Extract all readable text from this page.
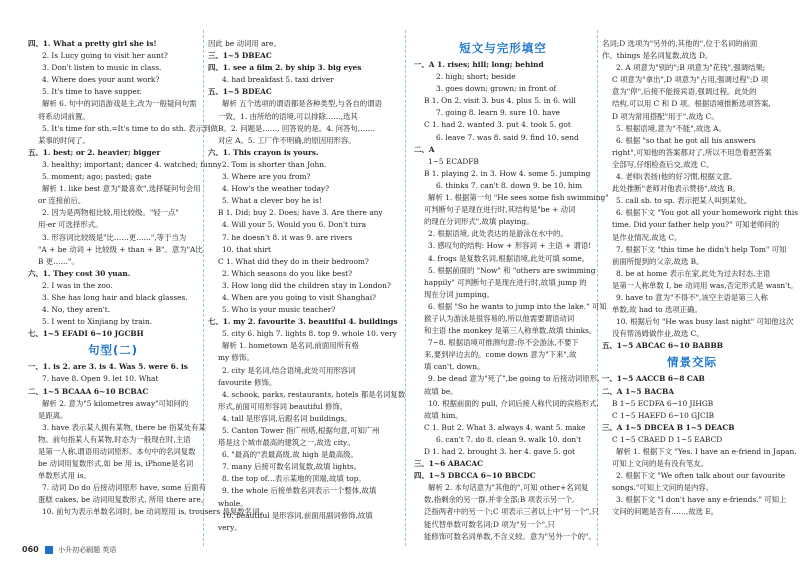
四、1. What a pretty girl she is!
2. Is Lucy going to visit her aunt?
3. Don't listen to music in class.
4. Where does your aunt work?
5. It's time to have supper.
解析 6. 句中的词语游戏是主,改为一般疑问句需
将系动词前置。
5. It's time for sth.=It's time to do sth. 表示到做
某事的时间了。
五、1. best; or 2. heavier; bigger
3. healthy; important; dancer 4. watched; funny
5. moment; ago; pasted; gate
解析 1. like best 意为"最喜欢",选择疑问句会用
or 连接前后。
2. 因为是两物相比较,用比较级。"轻一点"
用-er 可选择形式。
3. 形容词比较级是"比……更……",等于当为
"A + be 动词 + 比较级 + than + B"。意为"A比
B 更……"。
六、1. They cost 30 yuan.
2. I was in the zoo.
3. She has long hair and black glasses.
4. No, they aren't.
5. I went to Xinjiang by train.
七、1~5 EFADI 6~10 JGCBH
句型(二)
一、1. is 2. are 3. is 4. Was 5. were 6. is
7. have 8. Open 9. let 10. What
二、1~5 BCAAA 6~10 BCBAC
解析 2. 意为"5 kilometres away"可知问的
是距离。
3. have 表示某人拥有某物, there be 指某处有某
物。前句指某人有某物,时态为一般现在时,主语
是第一人称,谓语用动词原形。本句中的名词复数
be 动词用复数形式,如 be 用 is, iPhone是名词
单数形式用 is。
7. 动词 Do do 后接动词原形 have, some 后面有
蛋糕 cakes, be 动词用复数形式, 所用 there are。
10. 前句为表示单数名词时, be 动词原用 is, trousers 是复数名词,
因此 be 动词用 are。
三、1~5 DBEAC
四、1. see a film 2. by ship 3. big eyes
4. had breakfast 5. taxi driver
五、1~5 BDEAC
解析 五个选项的谓语都是各种类型,与各自的谓语
一致。1. 由所给的语境,可以排除……,选其
B。2. 问题是……, 回答说的是。4. 问答句,……
对应 A。5. 工厂作不明确,的原因用形容。
六、1. This crayon is yours.
2. Tom is shorter than John.
3. Where are you from?
4. How's the weather today?
5. What a clever boy he is!
B 1. Did; buy 2. Does; have 3. Are there any
4. Will your 5. Would you 6. Don't tura
7. he doesn't 8. it was 9. are rivers
10. that shirt
C 1. What did they do in their bedroom?
2. Which seasons do you like best?
3. How long did the children stay in London?
4. When are you going to visit Shanghai?
5. Who is your music teacher?
七、1. my 2. favourite 3. beautiful 4. buildings
5. city 6. high 7. lights 8. top 9. whole 10. very
解析 1. hometown 是名词,前面用所有格
my 修饰。
2. city 是名词,结合语境,此处可用形容词
favourite 修饰。
4. schook, parks, restaurants, hotels 都是名词复数
形式,前面可用形容词 beautiful 修饰。
4. tall 是形容词,后跟名词 buildings。
5. Canton Tower 指广州塔,根据句意,可知广州
塔是这个城市最高的建筑之一,故选 city。
6. "最高的"表最高级,故 high 是最高级。
7. many 后接可数名词复数,故填 lights。
8. the top of…表示某地的顶端,故填 top。
9. the whole 后接单数名词表示一个整体,故填
whole。
10. beautiful 是形容词,前面用副词修饰,故填
very。
短文与完形填空
一、A 1. rises; hill; long; behind
2. high; short; beside
3. goes down; grown; in front of
B 1. On 2. visit 3. bus 4. plus 5. in 6. will
7. going 8. learn 9. sure 10. have
C 1. had 2. wanted 3. put 4. took 5. got
6. leave 7. was 8. said 9. find 10. send
二、A
1~5 ECADFB
B 1. playing 2. in 3. How 4. some 5. jumping
6. thinks 7. can't 8. down 9. be 10. him
解析 1. 根据第一句 "He sees some fish swimming"
可判断句子是现在进行时,其结构是"be + 动词
的现在分词形式",故填 playing。
2. 根据语境, 此处表达的是游泳在水中的。
3. 感叹句的结构: How + 形容词 + 主语 + 谓语!
4. frogs 是复数名词,根据语境,此处可填 some。
5. 根据前面的 "Now" 和 "others are swimming
happily" 可判断句子是现在进行时,故填 jump 的
现在分词 jumping。
6. 根据 "So he wants to jump into the lake." 可知
猴子认为游泳是很容易的,所以他需要谓语动词
和主语 the monkey 是第三人称单数,故填 thinks。
7~8. 根据语境可推测句意:你不会游泳,不要下
来,要到岸边去的。come down 意为"下来",故
填 can't, down。
9. be dead 意为"死了",be going to 后接动词原形,
故填 be。
10. 根据前面的 pull, 介词后接人称代词的宾格形式,
故填 him。
C 1. But 2. What 3. always 4. want 5. make
6. can't 7. do 8. clean 9. walk 10. don't
D 1. had 2. brought 3. her 4. gave 5. got
三、1~6 ABACAC
四、1~5 DBCCA 6~10 BBCDC
解析 2. 本句话意为"其他的",可知 other+名词复
数,指剩余的另一群,并非全部;B 项表示另一个,
泛指两者中的另一个;C 项表示三者以上中"另一个",只
能代替单数可数名词;D 项为"另一个",只
能修饰可数名词单数,不含义较。意为"另外一个的"。
名词;D 选项为"另外的,其他的",位于名词的前面
作。things 是名词复数,故选 D。
2. A 项意为"别的";B 项意为"花钱",强调结果;
C 项意为"拿出",D 项意为"占用,强调过程";D 项
意为"停",后接不能接宾语,强调过程。此处的
结构,可以用 C 和 D 项。根据语境推断选项答案,
D 项为常用搭配"用于",故选 C。
5. 根据语境,意为"不能",故选 A。
6. 根据 "so that he got all his answers
right",可知他的答案都对了,所以不用急着把答案
全部写,仔细检查后交,故选 C。
4. 老师(表扬)他的好习惯,根据文意,
此处推断"老师对他表示赞扬",故选 B。
5. call sb. to sp. 表示把某人叫到某处。
6. 根据下文 "You got all your homework right this
time. Did your father help you?" 可知老师问的
是作业情况,故选 C。
7. 根据下文 "this time he didn't help Tom" 可知
前面所提到的父亲,故选 B。
8. be at home 表示在家,此处为过去时态,主语
是第一人称单数 I, be 动词用 was,否定形式是 wasn't。
9. have to 意为"不得不",该空主语是第三人称
单数,故 had to 选项正确。
10. 根据后句 "He was busy last night" 可知他这次
没有帮汤姆做作业,故选 C。
五、1~5 ABCAC 6~10 BABBB
情景交际
一、1~5 AACCB 6~8 CAB
二、A 1~5 BACBA
B 1~5 ECDFA 6~10 JIHGB
C 1~5 HAEFD 6~10 GJCIB
三、A 1~5 DBCEA B 1~5 DEACB
C 1~5 CBAED D 1~5 EABCD
解析 1. 根据下文 "Yes. I have an e-friend in Japan.
可知上文问的是有没有笔友。
2. 根据下文 "We often talk about our favourite
songs."可知上文问的是内容。
3. 根据下文 "I don't have any e-friends." 可知上
文问的问题是否有……,故选 E。
060	小升初必刷题 英语
